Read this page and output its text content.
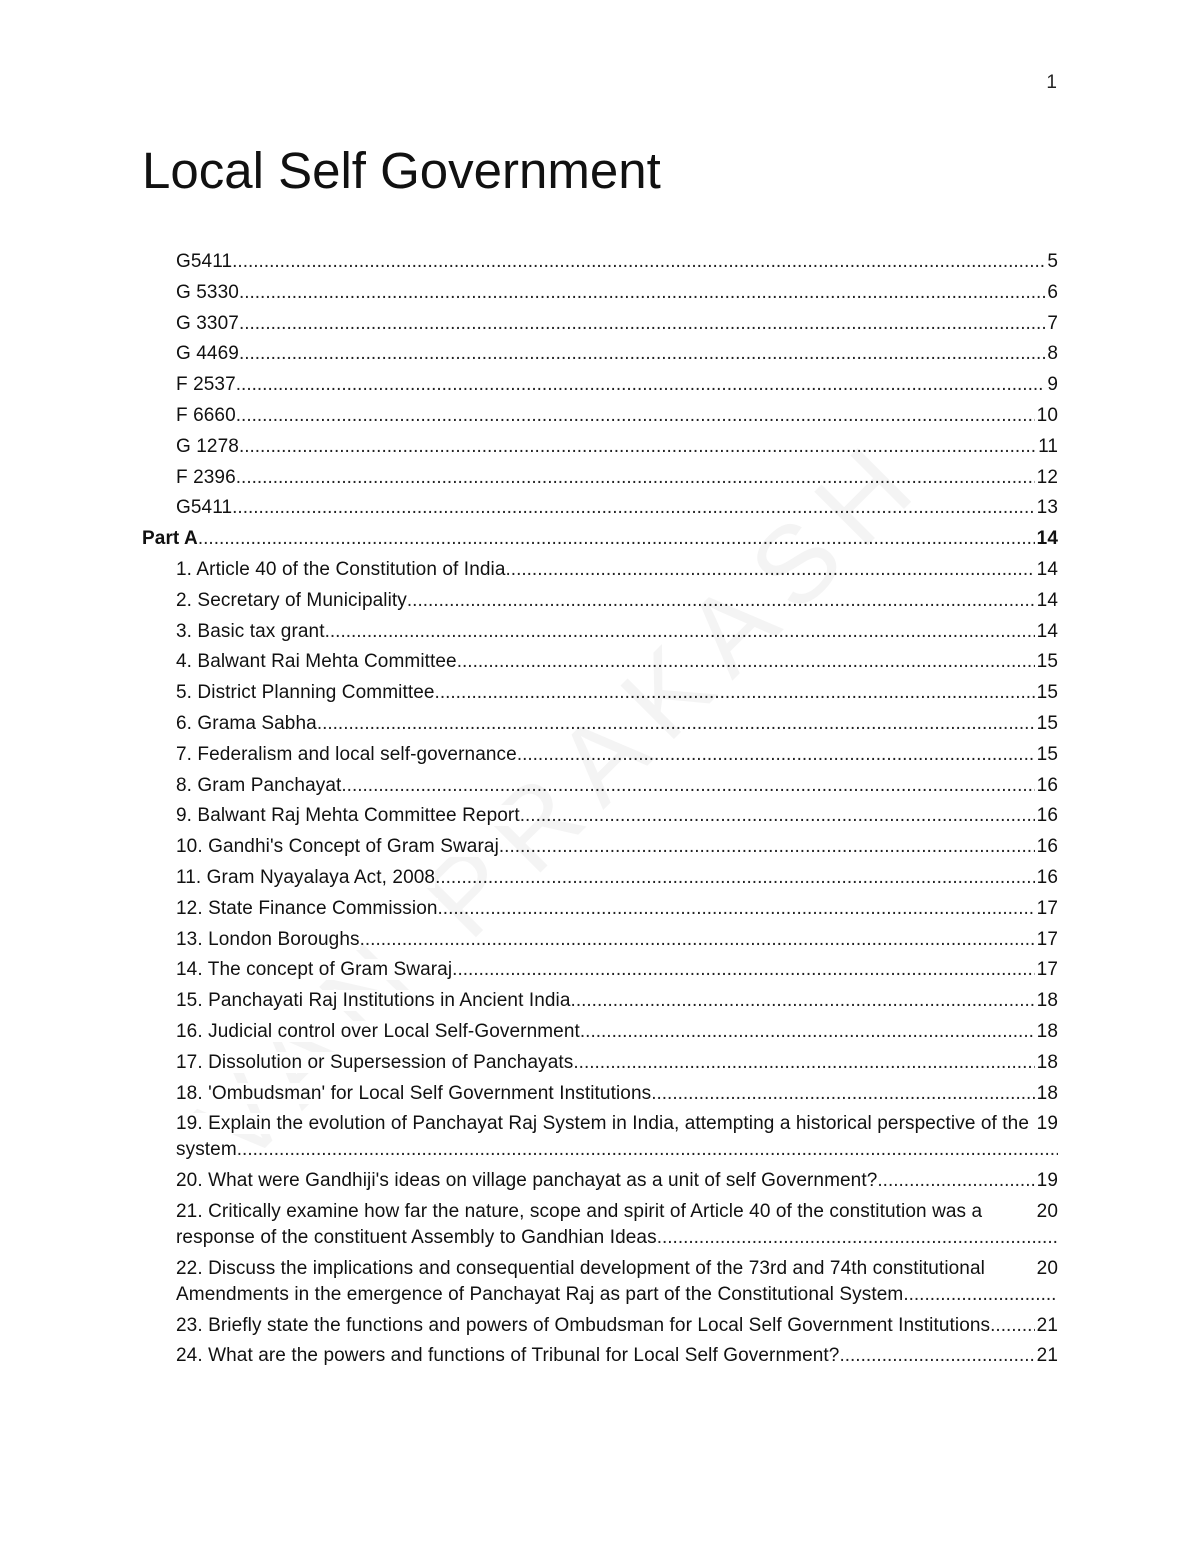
1
Local Self Government
5
G5411 .....
6
G 5330 .....
7
G 3307 .....
8
G 4469 .....
9
F 2537 .....
10
F 6660 .....
11
G 1278 .....
12
F 2396 .....
13
G5411 .....
14
Part A .....
14
1. Article 40 of the Constitution of India .....
14
2. Secretary of Municipality .....
14
3. Basic tax grant .....
15
4. Balwant Rai Mehta Committee .....
15
5. District Planning Committee .....
15
6. Grama Sabha .....
15
7. Federalism and local self-governance .....
16
8. Gram Panchayat .....
16
9. Balwant Raj Mehta Committee Report .....
16
10. Gandhi's Concept of Gram Swaraj .....
16
11. Gram Nyayalaya Act, 2008 .....
17
12. State Finance Commission .....
17
13. London Boroughs .....
17
14. The concept of Gram Swaraj .....
18
15. Panchayati Raj Institutions in Ancient India .....
18
16. Judicial control over Local Self-Government .....
18
17. Dissolution or Supersession of Panchayats .....
18
18. 'Ombudsman' for Local Self Government Institutions .....
19
19. Explain the evolution of Panchayat Raj System in India, attempting a historical perspective of the system .....
19
20. What were Gandhiji's ideas on village panchayat as a unit of self Government? .....
20
21. Critically examine how far the nature, scope and spirit of Article 40 of the constitution was a response of the constituent Assembly to Gandhian Ideas .....
20
22. Discuss the implications and consequential development of the 73rd and 74th constitutional Amendments in the emergence of Panchayat Raj as part of the Constitutional System .....
21
23. Briefly state the functions and powers of Ombudsman for Local Self Government Institutions .....
21
24. What are the powers and functions of Tribunal for Local Self Government? .....
